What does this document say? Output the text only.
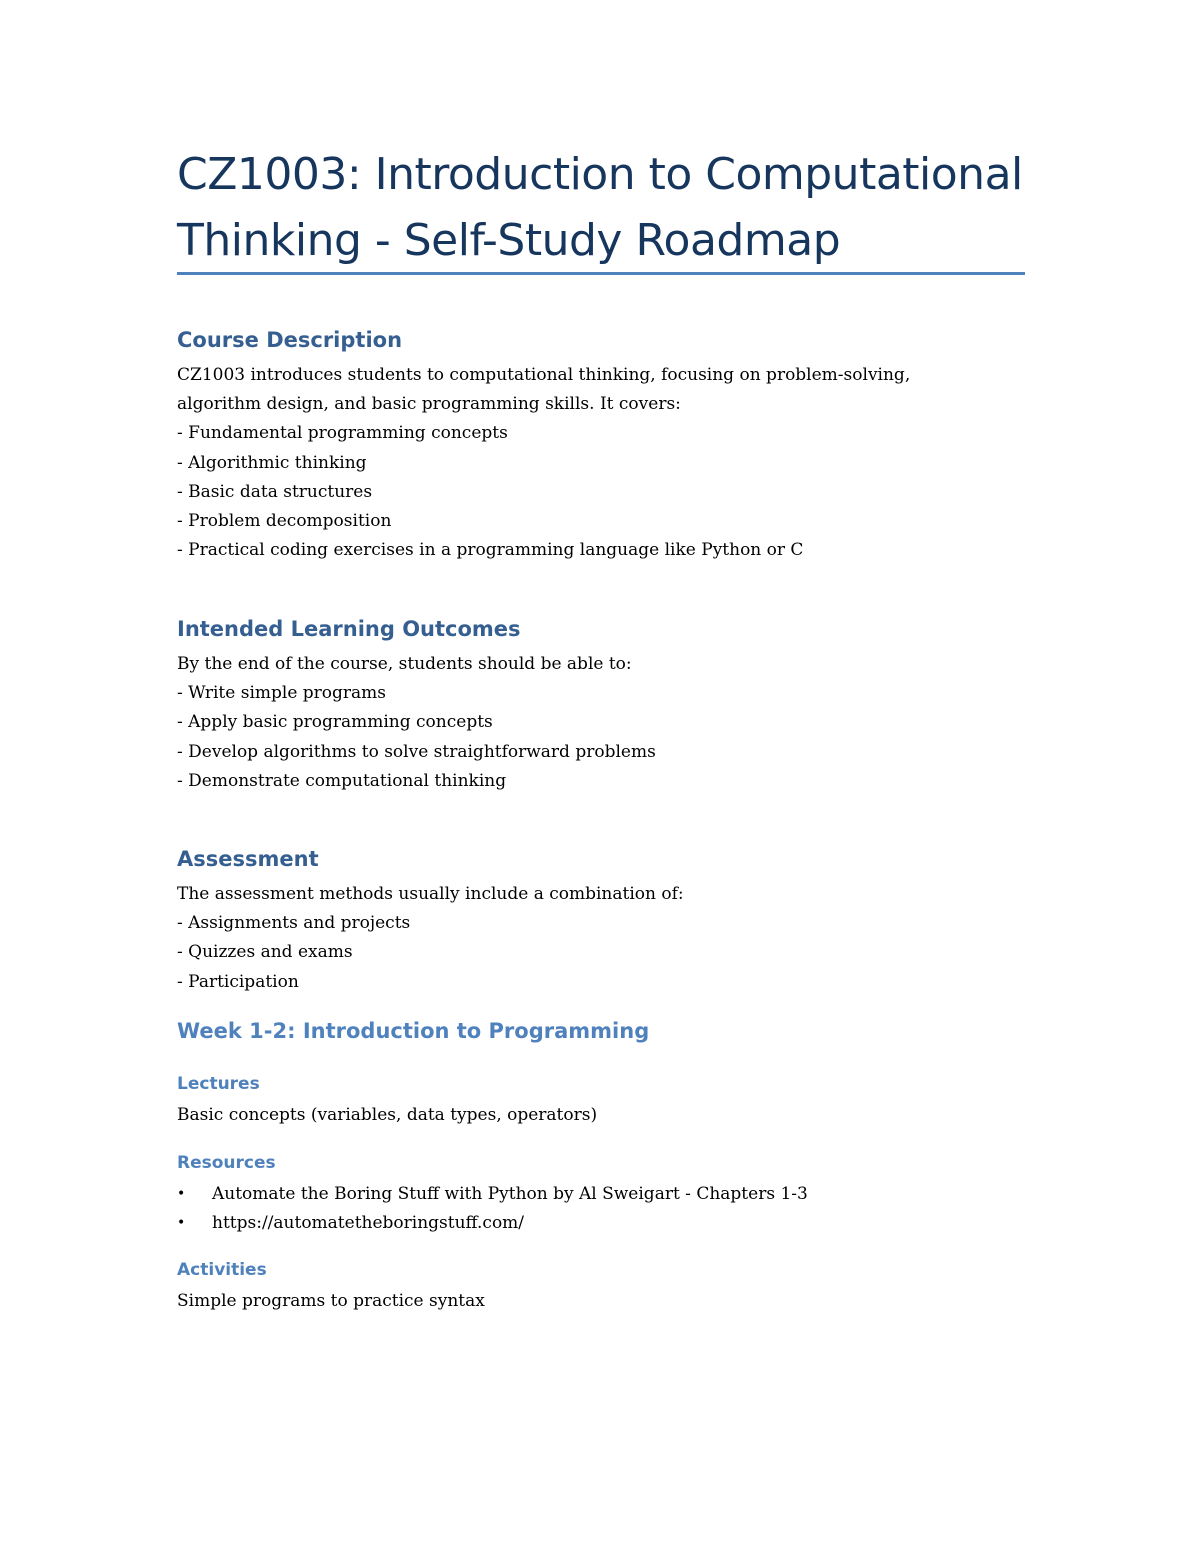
CZ1003: Introduction to Computational
Thinking - Self-Study Roadmap
Course Description
CZ1003 introduces students to computational thinking, focusing on problem-solving,
algorithm design, and basic programming skills. It covers:
- Fundamental programming concepts
- Algorithmic thinking
- Basic data structures
- Problem decomposition
- Practical coding exercises in a programming language like Python or C
Intended Learning Outcomes
By the end of the course, students should be able to:
- Write simple programs
- Apply basic programming concepts
- Develop algorithms to solve straightforward problems
- Demonstrate computational thinking
Assessment
The assessment methods usually include a combination of:
- Assignments and projects
- Quizzes and exams
- Participation
Week 1-2: Introduction to Programming
Lectures
Basic concepts (variables, data types, operators)
Resources
•	Automate the Boring Stuff with Python by Al Sweigart - Chapters 1-3
•	https://automatetheboringstuff.com/
Activities
Simple programs to practice syntax
